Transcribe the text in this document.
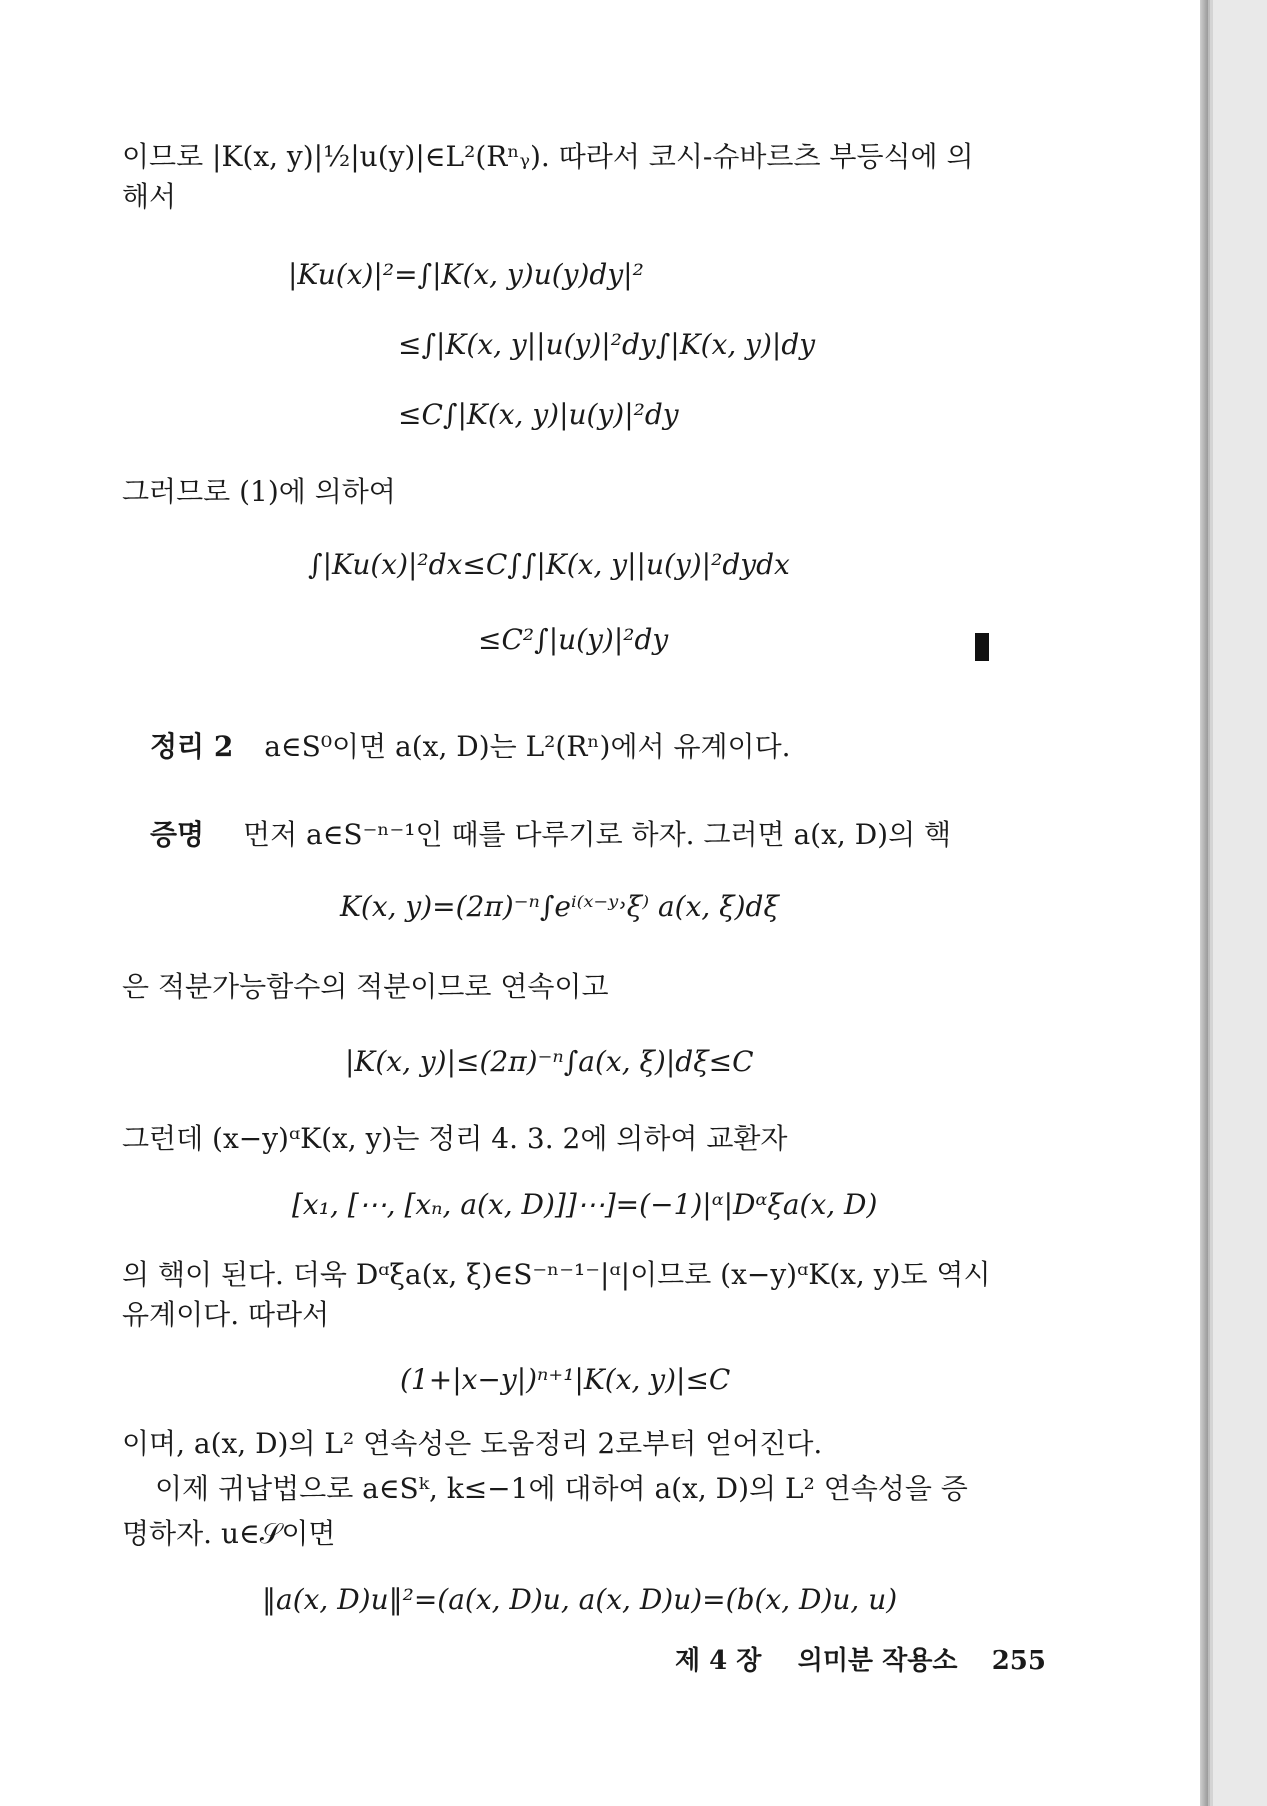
이므로 |K(x, y)|½|u(y)|∈L²(Rⁿᵧ). 따라서 코시-슈바르츠 부등식에 의
해서
|Ku(x)|²=∫|K(x, y)u(y)dy|²
≤∫|K(x, y||u(y)|²dy∫|K(x, y)|dy
≤C∫|K(x, y)|u(y)|²dy
그러므로 (1)에 의하여
∫|Ku(x)|²dx≤C∫∫|K(x, y||u(y)|²dydx
≤C²∫|u(y)|²dy
정리 2 a∈S⁰이면 a(x, D)는 L²(Rⁿ)에서 유계이다.
증명 먼저 a∈S⁻ⁿ⁻¹인 때를 다루기로 하자. 그러면 a(x, D)의 핵
K(x, y)=(2π)⁻ⁿ∫eⁱ⁽ˣ⁻ʸ˒ξ⁾ a(x, ξ)dξ
은 적분가능함수의 적분이므로 연속이고
|K(x, y)|≤(2π)⁻ⁿ∫a(x, ξ)|dξ≤C
그런데 (x−y)ᵅK(x, y)는 정리 4. 3. 2에 의하여 교환자
[x₁, [⋯, [xₙ, a(x, D)]]⋯]=(−1)|ᵅ|Dᵅξa(x, D)
의 핵이 된다. 더욱 Dᵅξa(x, ξ)∈S⁻ⁿ⁻¹⁻|ᵅ|이므로 (x−y)ᵅK(x, y)도 역시
유계이다. 따라서
(1+|x−y|)ⁿ⁺¹|K(x, y)|≤C
이며, a(x, D)의 L² 연속성은 도움정리 2로부터 얻어진다.
이제 귀납법으로 a∈Sᵏ, k≤−1에 대하여 a(x, D)의 L² 연속성을 증
명하자. u∈𝒮이면
‖a(x, D)u‖²=(a(x, D)u, a(x, D)u)=(b(x, D)u, u)
제 4 장 의미분 작용소 255
